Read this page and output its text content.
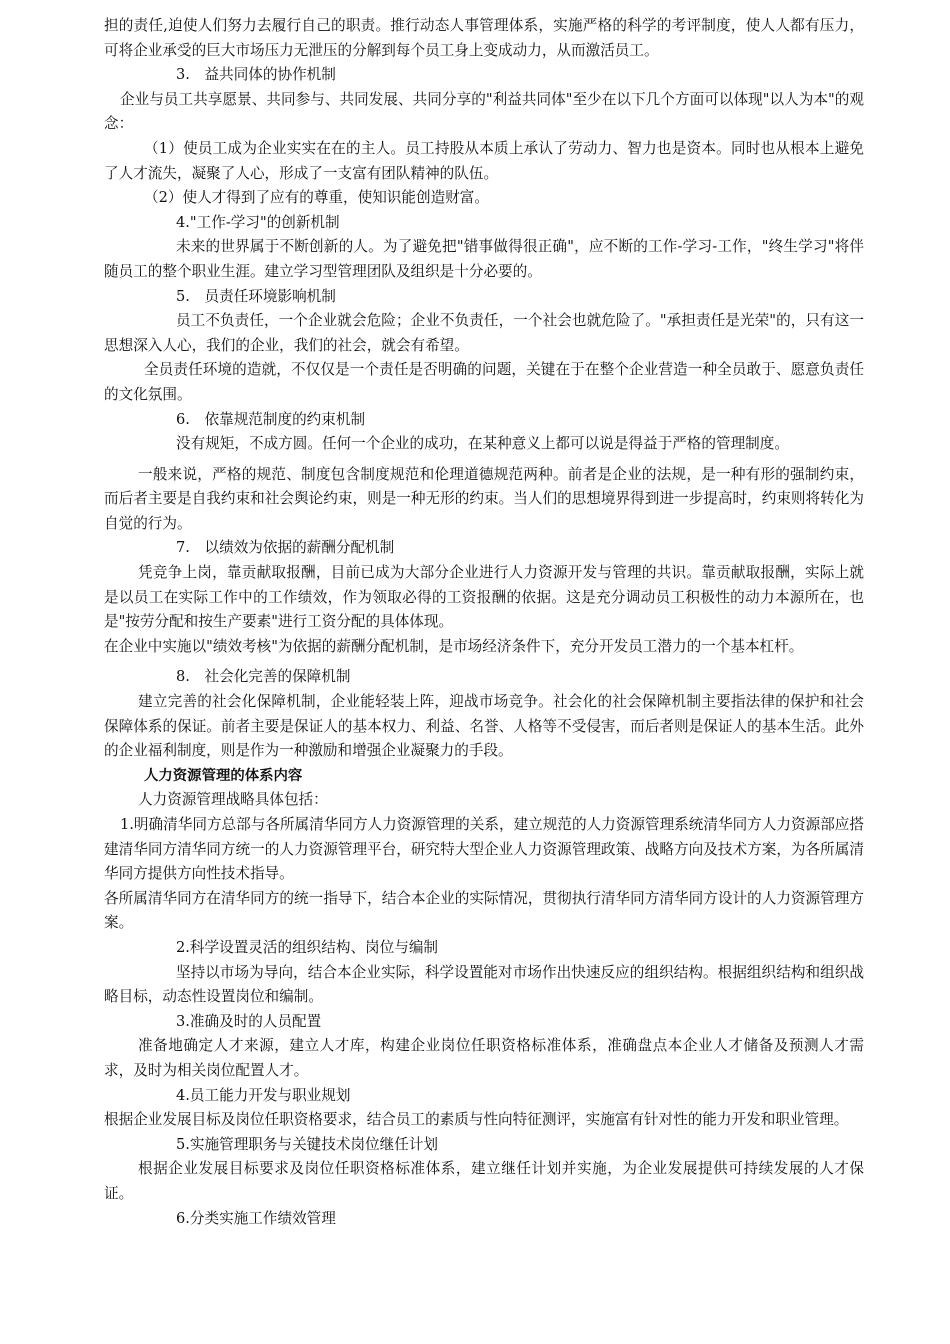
担的责任,迫使人们努力去履行自己的职责。推行动态人事管理体系，实施严格的科学的考评制度，使人人都有压力，可将企业承受的巨大市场压力无泄压的分解到每个员工身上变成动力，从而激活员工。

3.　益共同体的协作机制

企业与员工共享愿景、共同参与、共同发展、共同分享的"利益共同体"至少在以下几个方面可以体现"以人为本"的观念：

（1）使员工成为企业实实在在的主人。员工持股从本质上承认了劳动力、智力也是资本。同时也从根本上避免了人才流失，凝聚了人心，形成了一支富有团队精神的队伍。

（2）使人才得到了应有的尊重，使知识能创造财富。

4."工作-学习"的创新机制

未来的世界属于不断创新的人。为了避免把"错事做得很正确"，应不断的工作-学习-工作，"终生学习"将伴随员工的整个职业生涯。建立学习型管理团队及组织是十分必要的。

5.　员责任环境影响机制

员工不负责任，一个企业就会危险；企业不负责任，一个社会也就危险了。"承担责任是光荣"的，只有这一思想深入人心，我们的企业，我们的社会，就会有希望。

全员责任环境的造就，不仅仅是一个责任是否明确的问题，关键在于在整个企业营造一种全员敢于、愿意负责任的文化氛围。

6.　依靠规范制度的约束机制

没有规矩，不成方圆。任何一个企业的成功，在某种意义上都可以说是得益于严格的管理制度。

一般来说，严格的规范、制度包含制度规范和伦理道德规范两种。前者是企业的法规，是一种有形的强制约束，而后者主要是自我约束和社会舆论约束，则是一种无形的约束。当人们的思想境界得到进一步提高时，约束则将转化为自觉的行为。

7.　以绩效为依据的薪酬分配机制

凭竞争上岗，靠贡献取报酬，目前已成为大部分企业进行人力资源开发与管理的共识。靠贡献取报酬，实际上就是以员工在实际工作中的工作绩效，作为领取必得的工资报酬的依据。这是充分调动员工积极性的动力本源所在，也是"按劳分配和按生产要素"进行工资分配的具体体现。

在企业中实施以"绩效考核"为依据的薪酬分配机制，是市场经济条件下，充分开发员工潜力的一个基本杠杆。

8.　社会化完善的保障机制

建立完善的社会化保障机制，企业能轻装上阵，迎战市场竞争。社会化的社会保障机制主要指法律的保护和社会保障体系的保证。前者主要是保证人的基本权力、利益、名誉、人格等不受侵害，而后者则是保证人的基本生活。此外的企业福利制度，则是作为一种激励和增强企业凝聚力的手段。

人力资源管理的体系内容

人力资源管理战略具体包括：

1.明确清华同方总部与各所属清华同方人力资源管理的关系，建立规范的人力资源管理系统清华同方人力资源部应搭建清华同方清华同方统一的人力资源管理平台，研究特大型企业人力资源管理政策、战略方向及技术方案，为各所属清华同方提供方向性技术指导。

各所属清华同方在清华同方的统一指导下，结合本企业的实际情况，贯彻执行清华同方清华同方设计的人力资源管理方案。

2.科学设置灵活的组织结构、岗位与编制

坚持以市场为导向，结合本企业实际，科学设置能对市场作出快速反应的组织结构。根据组织结构和组织战略目标，动态性设置岗位和编制。

3.准确及时的人员配置

准备地确定人才来源，建立人才库，构建企业岗位任职资格标准体系，准确盘点本企业人才储备及预测人才需求，及时为相关岗位配置人才。

4.员工能力开发与职业规划

根据企业发展目标及岗位任职资格要求，结合员工的素质与性向特征测评，实施富有针对性的能力开发和职业管理。

5.实施管理职务与关键技术岗位继任计划

根据企业发展目标要求及岗位任职资格标准体系，建立继任计划并实施，为企业发展提供可持续发展的人才保证。

6.分类实施工作绩效管理
